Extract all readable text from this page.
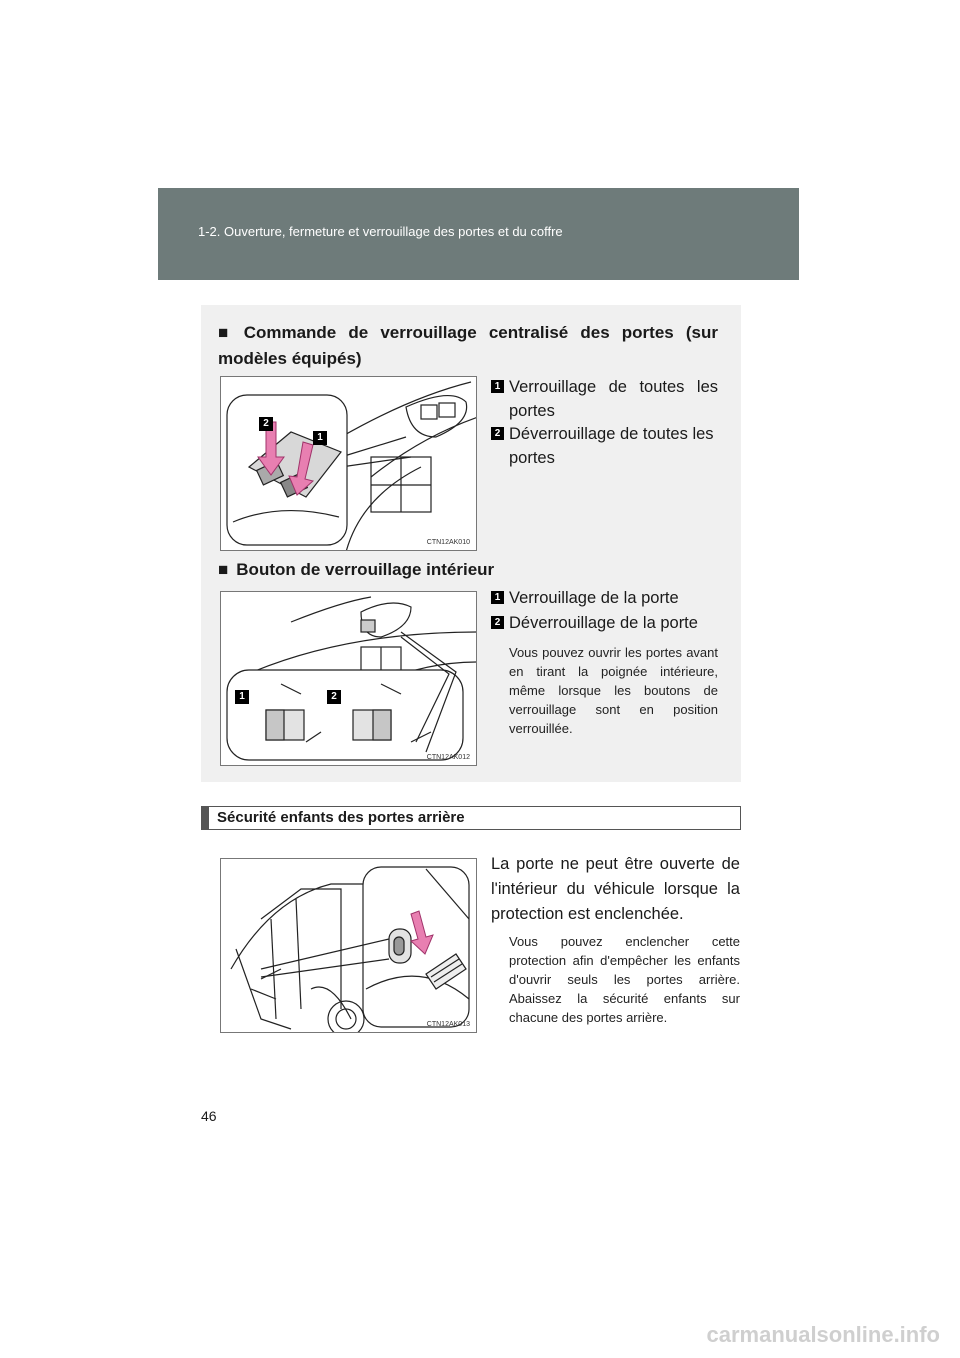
1-2. Ouverture, fermeture et verrouillage des portes et du coffre
■ Commande de verrouillage centralisé des portes (sur modèles équipés)
2
1
CTN12AK010
1 Verrouillage de toutes les portes
2 Déverrouillage de toutes les portes
■ Bouton de verrouillage intérieur
1	2
CTN12AK012
1 Verrouillage de la porte
2 Déverrouillage de la porte
Vous pouvez ouvrir les portes avant en tirant la poignée intérieure, même lorsque les boutons de verrouillage sont en position verrouillée.
Sécurité enfants des portes arrière
CTN12AK013
La porte ne peut être ouverte de l'intérieur du véhicule lorsque la protection est enclenchée.
Vous pouvez enclencher cette protection afin d'empêcher les enfants d'ouvrir seuls les portes arrière. Abaissez la sécurité enfants sur chacune des portes arrière.
46
carmanualsonline.info
